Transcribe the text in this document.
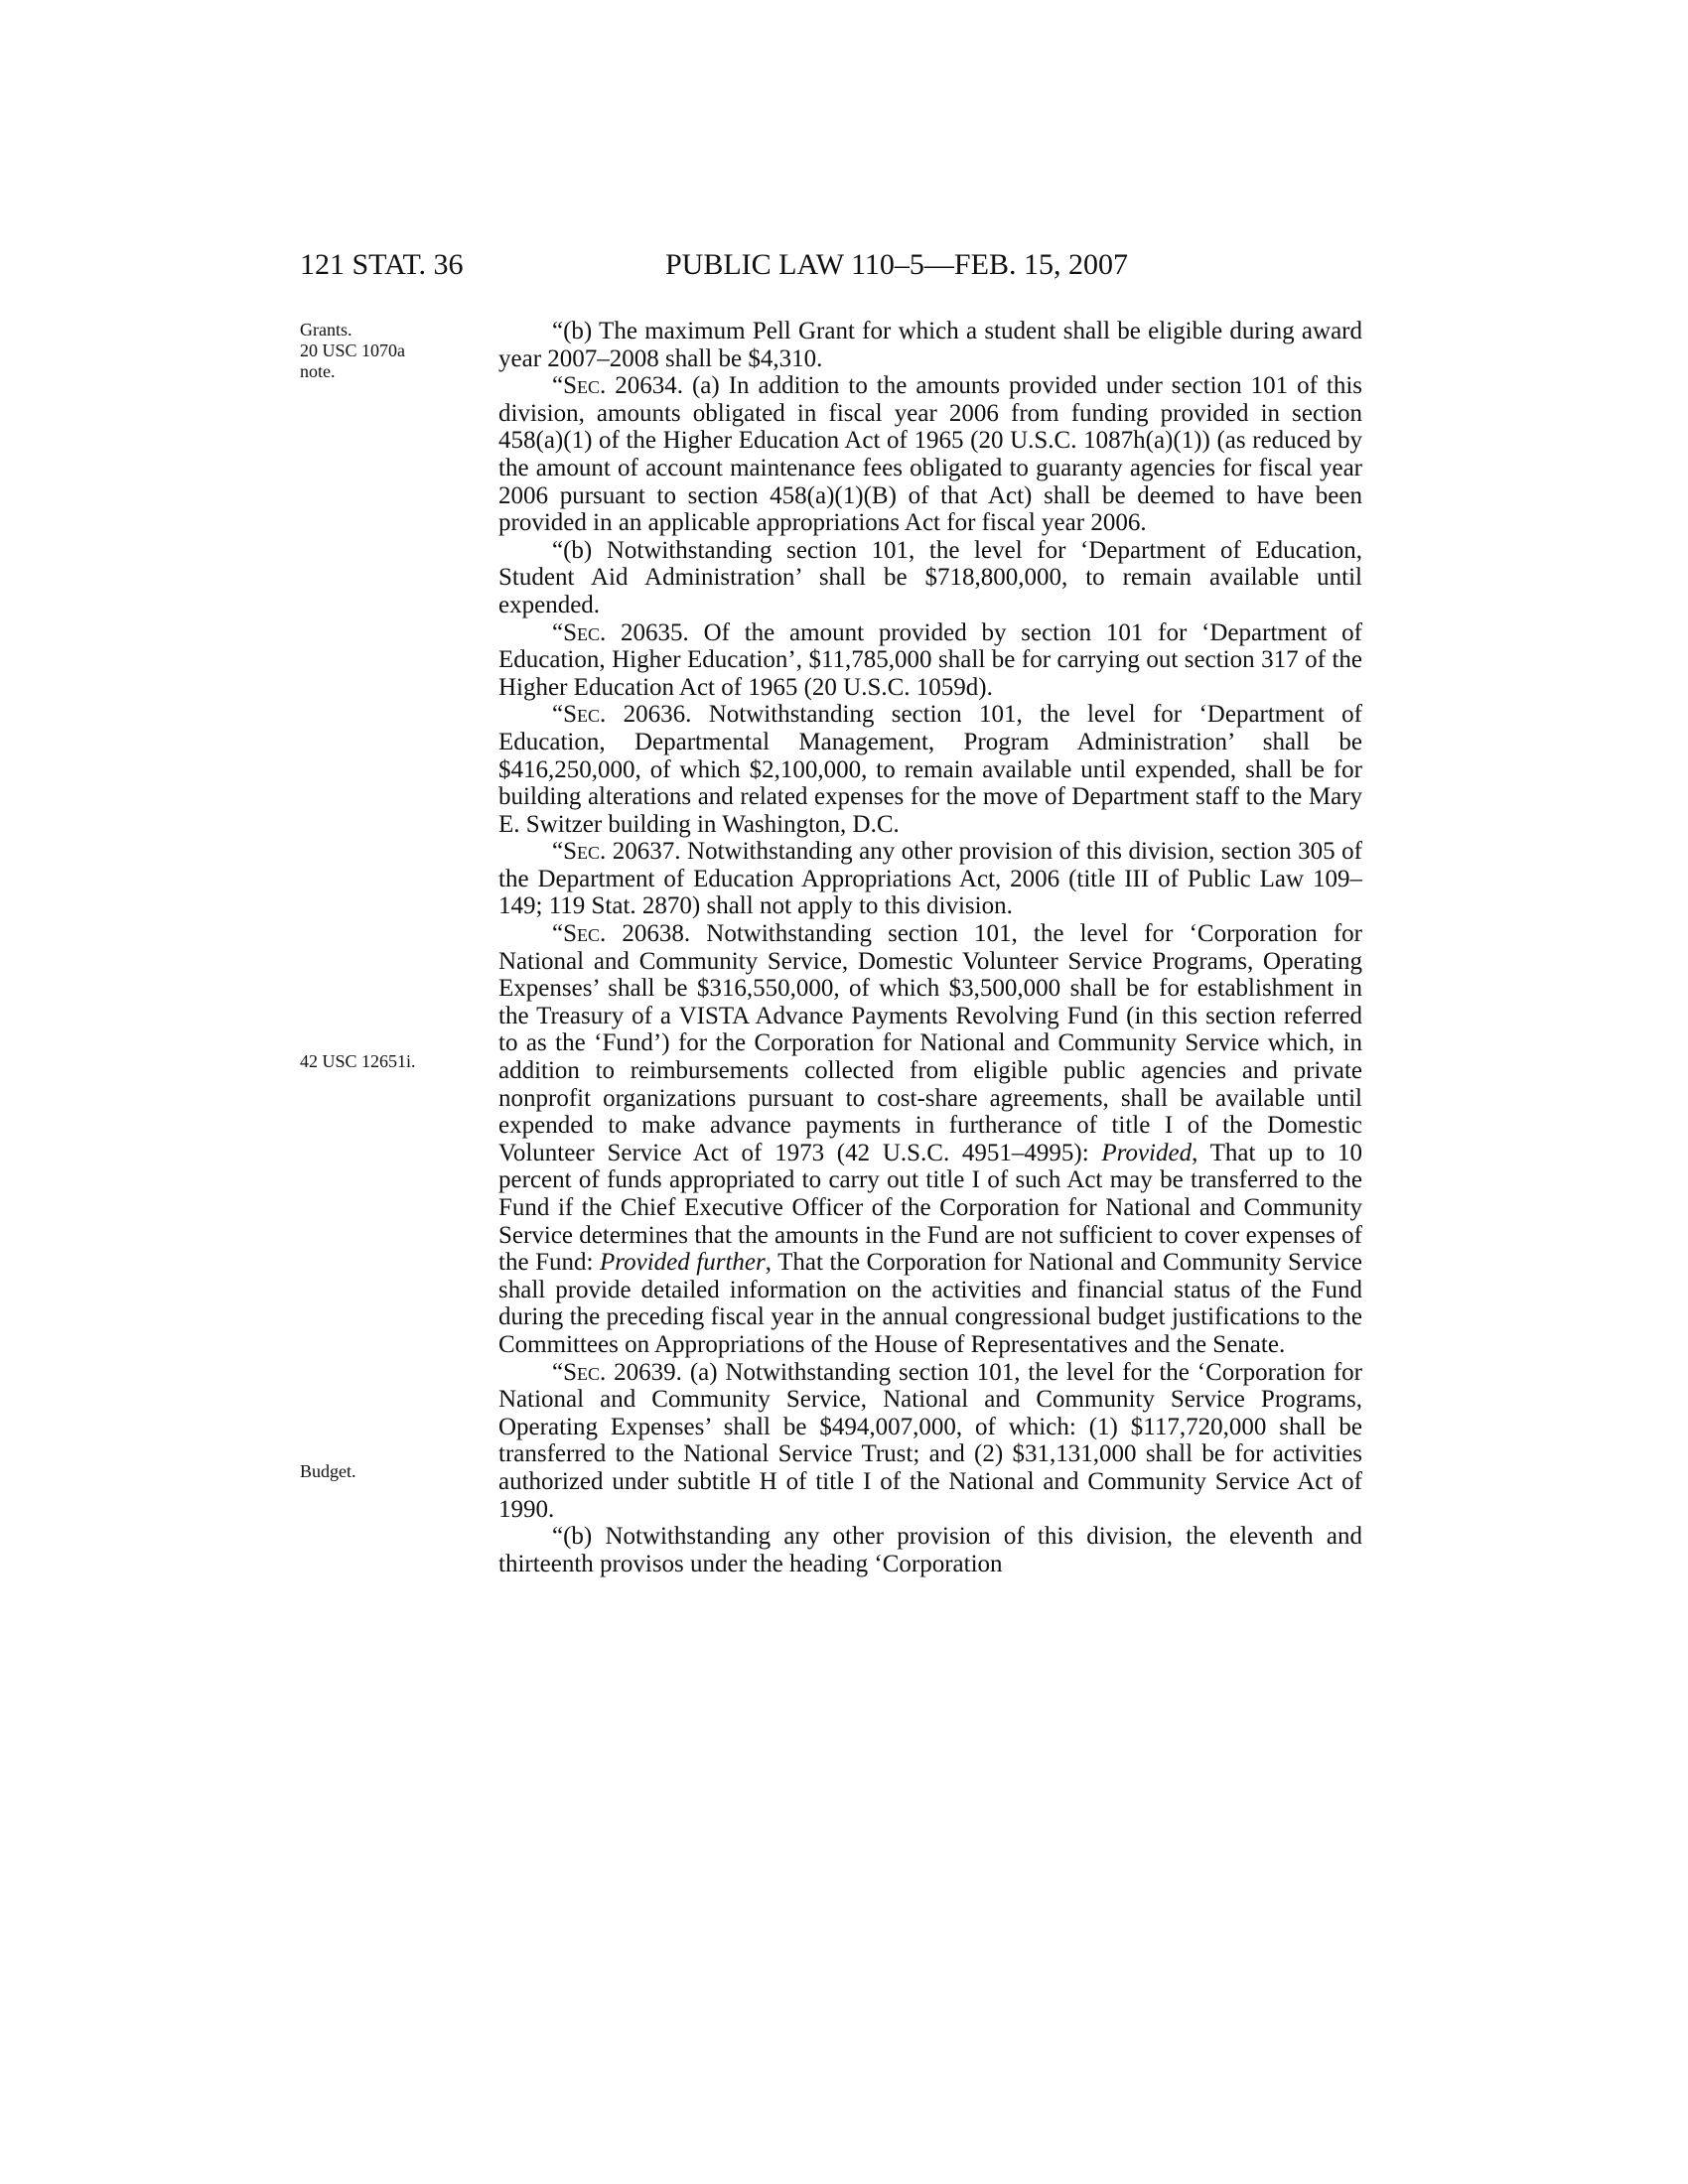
121 STAT. 36	PUBLIC LAW 110–5—FEB. 15, 2007
Grants.
20 USC 1070a
note.
42 USC 12651i.
Budget.

“(b) The maximum Pell Grant for which a student shall be eligible during award year 2007–2008 shall be $4,310.

“Sec. 20634. (a) In addition to the amounts provided under section 101 of this division, amounts obligated in fiscal year 2006 from funding provided in section 458(a)(1) of the Higher Education Act of 1965 (20 U.S.C. 1087h(a)(1)) (as reduced by the amount of account maintenance fees obligated to guaranty agencies for fiscal year 2006 pursuant to section 458(a)(1)(B) of that Act) shall be deemed to have been provided in an applicable appropriations Act for fiscal year 2006.

“(b) Notwithstanding section 101, the level for ‘Department of Education, Student Aid Administration’ shall be $718,800,000, to remain available until expended.

“Sec. 20635. Of the amount provided by section 101 for ‘Department of Education, Higher Education’, $11,785,000 shall be for carrying out section 317 of the Higher Education Act of 1965 (20 U.S.C. 1059d).

“Sec. 20636. Notwithstanding section 101, the level for ‘Department of Education, Departmental Management, Program Administration’ shall be $416,250,000, of which $2,100,000, to remain available until expended, shall be for building alterations and related expenses for the move of Department staff to the Mary E. Switzer building in Washington, D.C.

“Sec. 20637. Notwithstanding any other provision of this division, section 305 of the Department of Education Appropriations Act, 2006 (title III of Public Law 109–149; 119 Stat. 2870) shall not apply to this division.

“Sec. 20638. Notwithstanding section 101, the level for ‘Corporation for National and Community Service, Domestic Volunteer Service Programs, Operating Expenses’ shall be $316,550,000, of which $3,500,000 shall be for establishment in the Treasury of a VISTA Advance Payments Revolving Fund (in this section referred to as the ‘Fund’) for the Corporation for National and Community Service which, in addition to reimbursements collected from eligible public agencies and private nonprofit organizations pursuant to cost-share agreements, shall be available until expended to make advance payments in furtherance of title I of the Domestic Volunteer Service Act of 1973 (42 U.S.C. 4951–4995): Provided, That up to 10 percent of funds appropriated to carry out title I of such Act may be transferred to the Fund if the Chief Executive Officer of the Corporation for National and Community Service determines that the amounts in the Fund are not sufficient to cover expenses of the Fund: Provided further, That the Corporation for National and Community Service shall provide detailed information on the activities and financial status of the Fund during the preceding fiscal year in the annual congressional budget justifications to the Committees on Appropriations of the House of Representatives and the Senate.

“Sec. 20639. (a) Notwithstanding section 101, the level for the ‘Corporation for National and Community Service, National and Community Service Programs, Operating Expenses’ shall be $494,007,000, of which: (1) $117,720,000 shall be transferred to the National Service Trust; and (2) $31,131,000 shall be for activities authorized under subtitle H of title I of the National and Community Service Act of 1990.

“(b) Notwithstanding any other provision of this division, the eleventh and thirteenth provisos under the heading ‘Corporation
